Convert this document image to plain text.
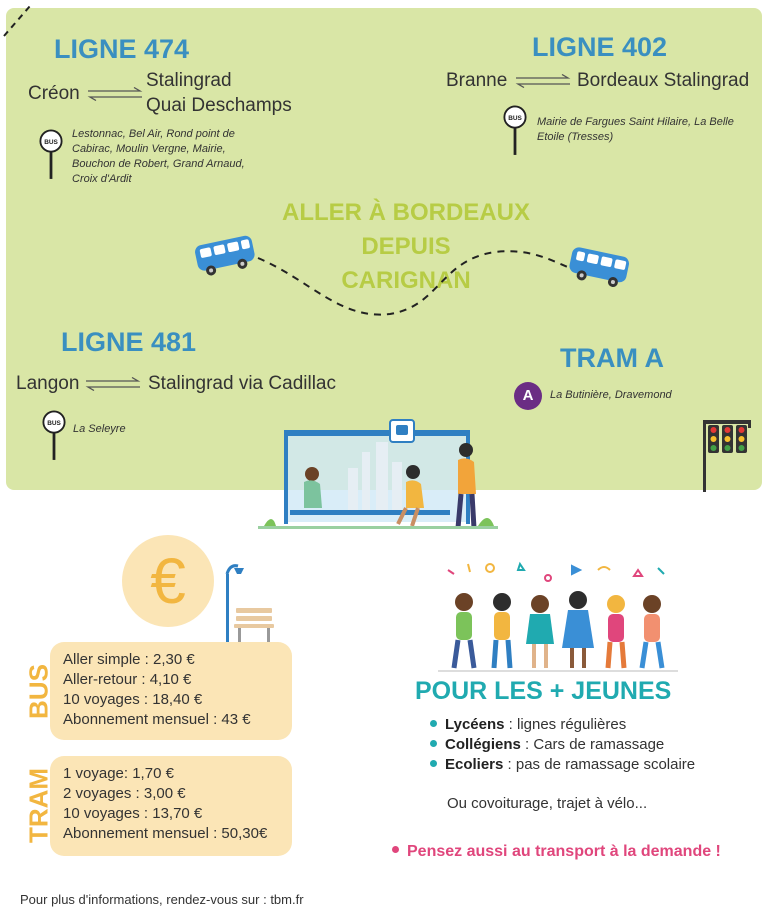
LIGNE 474
Créon
Stalingrad
Quai Deschamps
BUS
Lestonnac, Bel Air, Rond point de Cabirac, Moulin Vergne, Mairie, Bouchon de Robert, Grand Arnaud, Croix d'Ardit
LIGNE 402
Branne	Bordeaux Stalingrad
BUS Mairie de Fargues Saint Hilaire, La Belle Etoile (Tresses)
ALLER À BORDEAUX
DEPUIS
CARIGNAN
LIGNE 481
Langon	Stalingrad via Cadillac
BUS La Seleyre
TRAM A
A	La Butinière, Dravemond
€
BUS
Aller simple : 2,30 €
Aller-retour : 4,10 €
10 voyages : 18,40 €
Abonnement mensuel : 43 €
TRAM 1 voyage: 1,70 €
2 voyages : 3,00 €
10 voyages : 13,70 €
Abonnement mensuel : 50,30€
POUR LES + JEUNES
Lycéens : lignes régulières
Collégiens : Cars de ramassage
Ecoliers : pas de ramassage scolaire
Ou covoiturage, trajet à vélo...
Pensez aussi au transport à la demande !
Pour plus d'informations, rendez-vous sur : tbm.fr
